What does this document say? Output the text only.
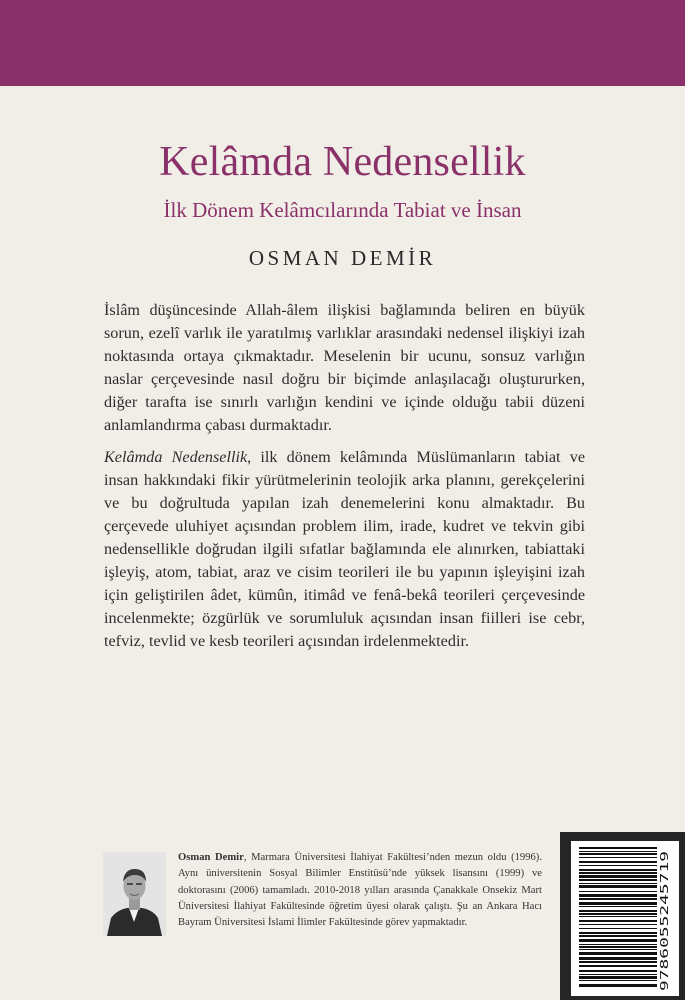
Kelâmda Nedensellik
İlk Dönem Kelâmcılarında Tabiat ve İnsan
OSMAN DEMİR

İslâm düşüncesinde Allah-âlem ilişkisi bağlamında beliren en büyük sorun, ezelî varlık ile yaratılmış varlıklar arasındaki nedensel ilişkiyi izah noktasında ortaya çıkmaktadır. Meselenin bir ucunu, sonsuz varlığın naslar çerçevesinde nasıl doğru bir biçimde anlaşılacağı oluştururken, diğer tarafta ise sınırlı varlığın kendini ve içinde olduğu tabii düzeni anlamlandırma çabası durmaktadır.

Kelâmda Nedensellik, ilk dönem kelâmında Müslümanların tabiat ve insan hakkındaki fikir yürütmelerinin teolojik arka planını, gerekçelerini ve bu doğrultuda yapılan izah denemelerini konu almaktadır. Bu çerçevede uluhiyet açısından problem ilim, irade, kudret ve tekvin gibi nedensellikle doğrudan ilgili sıfatlar bağlamında ele alınırken, tabiattaki işleyiş, atom, tabiat, araz ve cisim teorileri ile bu yapının işleyişini izah için geliştirilen âdet, kümûn, itimâd ve fenâ-bekâ teorileri çerçevesinde incelenmekte; özgürlük ve sorumluluk açısından insan fiilleri ise cebr, tefviz, tevlid ve kesb teorileri açısından irdelenmektedir.

Osman Demir, Marmara Üniversitesi İlahiyat Fakültesi’nden mezun oldu (1996). Aynı üniversitenin Sosyal Bilimler Enstitüsü’nde yüksek lisansını (1999) ve doktorasını (2006) tamamladı. 2010-2018 yılları arasında Çanakkale Onsekiz Mart Üniversitesi İlahiyat Fakültesinde öğretim üyesi olarak çalıştı. Şu an Ankara Hacı Bayram Üniversitesi İslami İlimler Fakültesinde görev yapmaktadır.	9786055245719
